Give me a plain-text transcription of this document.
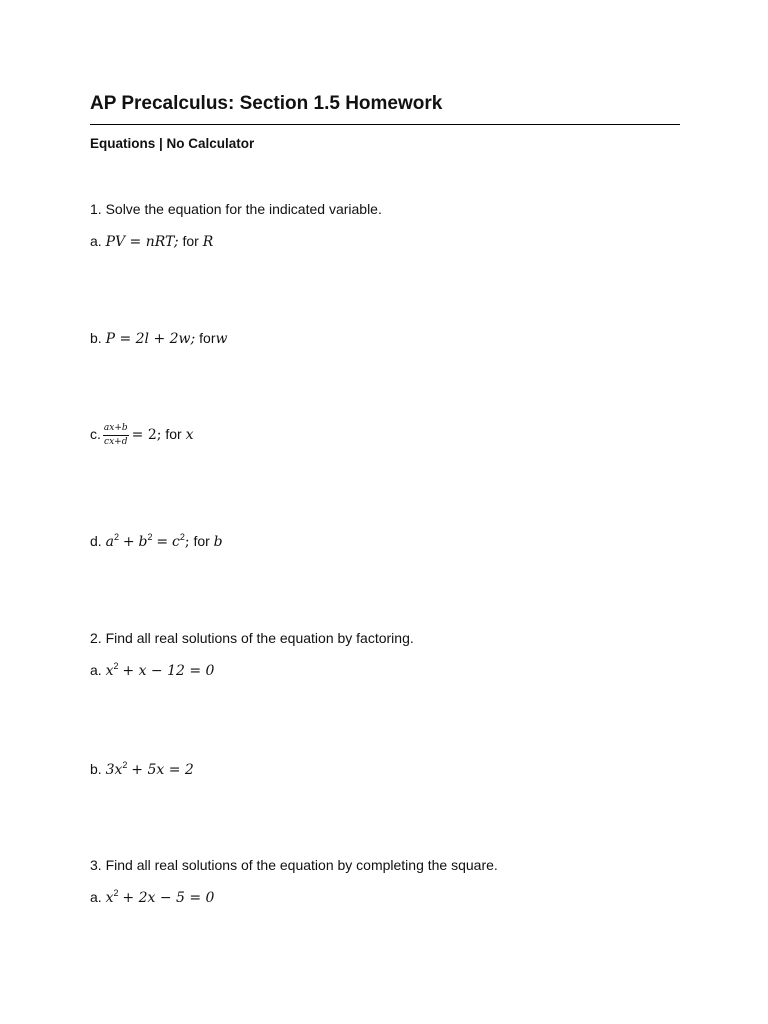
AP Precalculus: Section 1.5 Homework
Equations | No Calculator
1. Solve the equation for the indicated variable.
a. PV = nRT; for R
b. P = 2l + 2w; forw
c. $\frac{ax+b}{cx+d} = 2$; for x
d. $a^2 + b^2 = c^2$; for b
2. Find all real solutions of the equation by factoring.
a. $x^2 + x - 12 = 0$
b. $3x^2 + 5x = 2$
3. Find all real solutions of the equation by completing the square.
a. $x^2 + 2x - 5 = 0$
